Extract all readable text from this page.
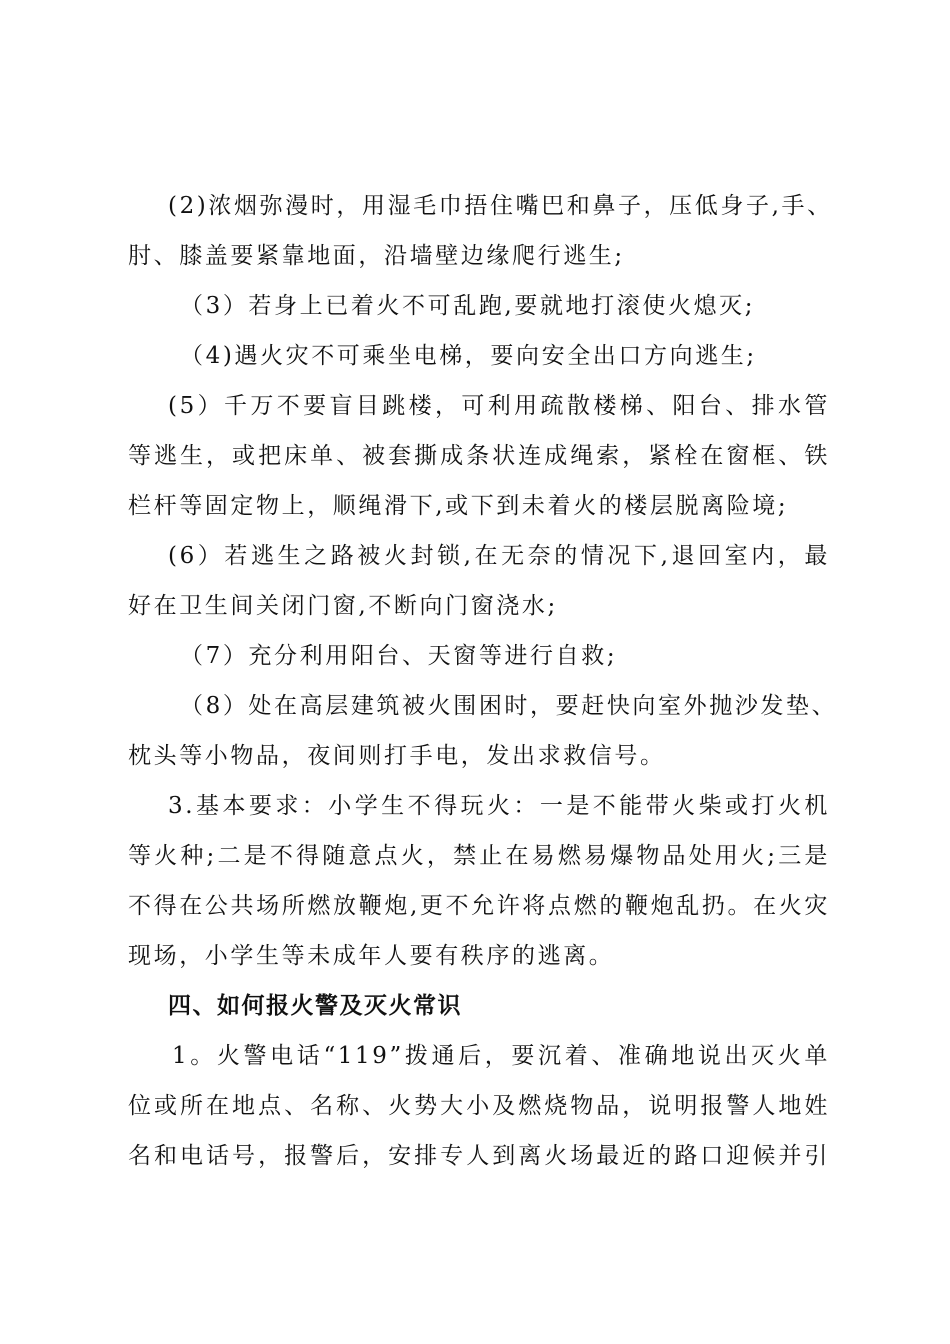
(2)浓烟弥漫时，用湿毛巾捂住嘴巴和鼻子，压低身子,手、
肘、膝盖要紧靠地面，沿墙壁边缘爬行逃生;
（3）若身上已着火不可乱跑,要就地打滚使火熄灭;
（4)遇火灾不可乘坐电梯，要向安全出口方向逃生;
(5）千万不要盲目跳楼，可利用疏散楼梯、阳台、排水管
等逃生，或把床单、被套撕成条状连成绳索，紧栓在窗框、铁
栏杆等固定物上，顺绳滑下,或下到未着火的楼层脱离险境;
(6）若逃生之路被火封锁,在无奈的情况下,退回室内，最
好在卫生间关闭门窗,不断向门窗浇水;
（7）充分利用阳台、天窗等进行自救;
（8）处在高层建筑被火围困时，要赶快向室外抛沙发垫、
枕头等小物品，夜间则打手电，发出求救信号。
3.基本要求：小学生不得玩火：一是不能带火柴或打火机
等火种;二是不得随意点火，禁止在易燃易爆物品处用火;三是
不得在公共场所燃放鞭炮,更不允许将点燃的鞭炮乱扔。在火灾
现场，小学生等未成年人要有秩序的逃离。
四、如何报火警及灭火常识
1。火警电话“119”拨通后，要沉着、准确地说出灭火单
位或所在地点、名称、火势大小及燃烧物品，说明报警人地姓
名和电话号，报警后，安排专人到离火场最近的路口迎候并引
